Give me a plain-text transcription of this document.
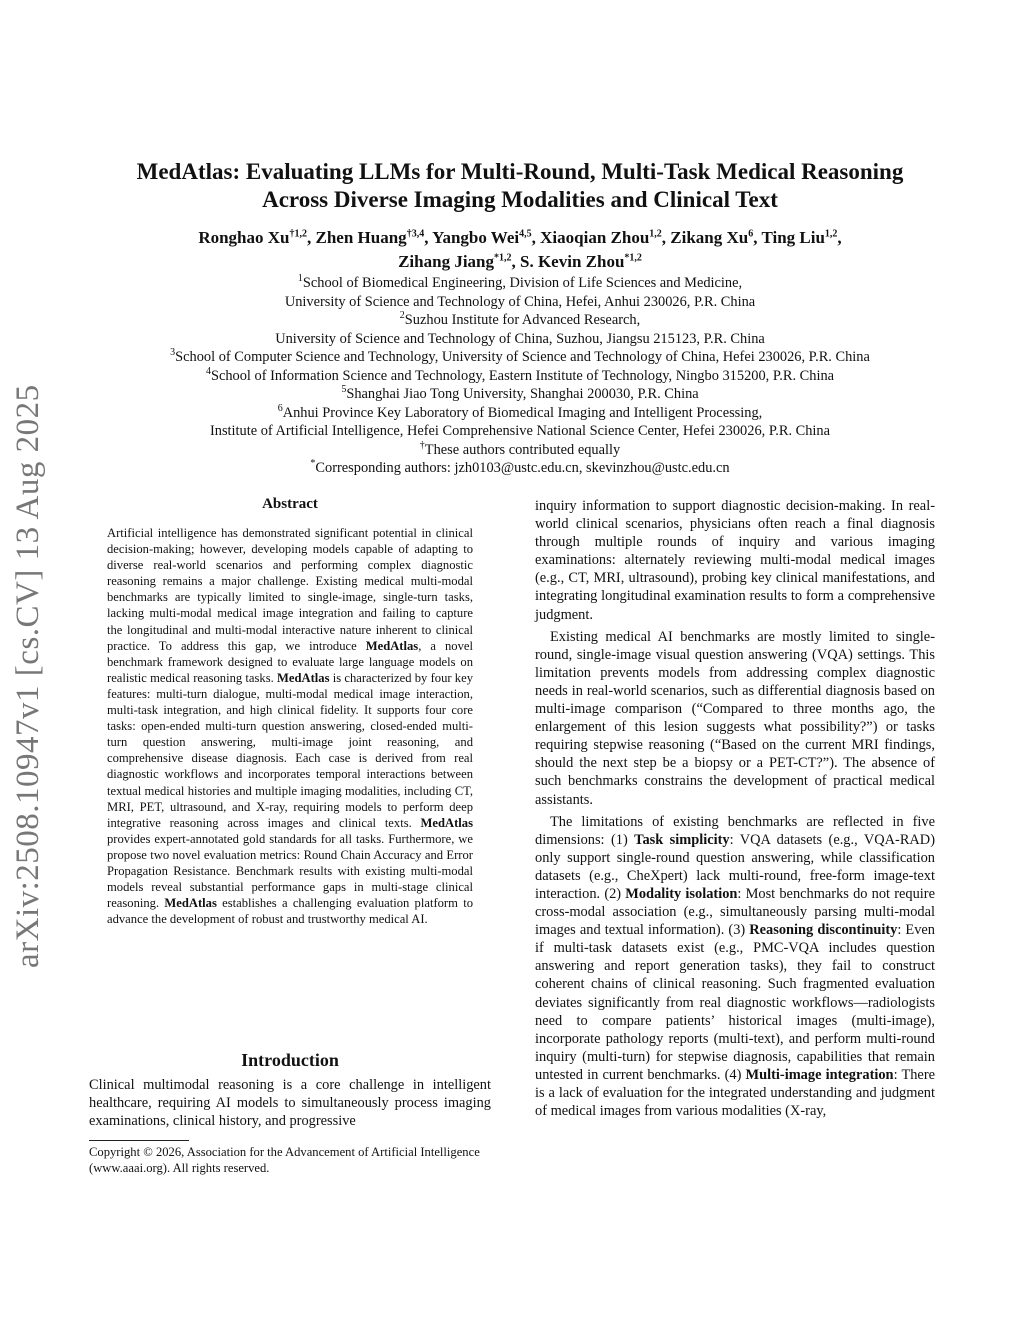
arXiv:2508.10947v1 [cs.CV] 13 Aug 2025
MedAtlas: Evaluating LLMs for Multi-Round, Multi-Task Medical Reasoning
Across Diverse Imaging Modalities and Clinical Text
Ronghao Xu$^{\dagger 1,2}$, Zhen Huang$^{\dagger 3,4}$, Yangbo Wei$^{4,5}$, Xiaoqian Zhou$^{1,2}$, Zikang Xu$^6$, Ting Liu$^{1,2}$,
Zihang Jiang$^{*1,2}$, S. Kevin Zhou$^{*1,2}$
$^1$School of Biomedical Engineering, Division of Life Sciences and Medicine,
University of Science and Technology of China, Hefei, Anhui 230026, P.R. China
$^2$Suzhou Institute for Advanced Research,
University of Science and Technology of China, Suzhou, Jiangsu 215123, P.R. China
$^3$School of Computer Science and Technology, University of Science and Technology of China, Hefei 230026, P.R. China
$^4$School of Information Science and Technology, Eastern Institute of Technology, Ningbo 315200, P.R. China
$^5$Shanghai Jiao Tong University, Shanghai 200030, P.R. China
$^6$Anhui Province Key Laboratory of Biomedical Imaging and Intelligent Processing,
Institute of Artificial Intelligence, Hefei Comprehensive National Science Center, Hefei 230026, P.R. China
†These authors contributed equally
*Corresponding authors: jzh0103@ustc.edu.cn, skevinzhou@ustc.edu.cn
Abstract
Artificial intelligence has demonstrated significant potential in clinical decision-making; however, developing models capable of adapting to diverse real-world scenarios and performing complex diagnostic reasoning remains a major challenge. Existing medical multi-modal benchmarks are typically limited to single-image, single-turn tasks, lacking multi-modal medical image integration and failing to capture the longitudinal and multi-modal interactive nature inherent to clinical practice. To address this gap, we introduce MedAtlas, a novel benchmark framework designed to evaluate large language models on realistic medical reasoning tasks. MedAtlas is characterized by four key features: multi-turn dialogue, multi-modal medical image interaction, multi-task integration, and high clinical fidelity. It supports four core tasks: open-ended multi-turn question answering, closed-ended multi-turn question answering, multi-image joint reasoning, and comprehensive disease diagnosis. Each case is derived from real diagnostic workflows and incorporates temporal interactions between textual medical histories and multiple imaging modalities, including CT, MRI, PET, ultrasound, and X-ray, requiring models to perform deep integrative reasoning across images and clinical texts. MedAtlas provides expert-annotated gold standards for all tasks. Furthermore, we propose two novel evaluation metrics: Round Chain Accuracy and Error Propagation Resistance. Benchmark results with existing multi-modal models reveal substantial performance gaps in multi-stage clinical reasoning. MedAtlas establishes a challenging evaluation platform to advance the development of robust and trustworthy medical AI.
Introduction

Clinical multimodal reasoning is a core challenge in intelligent healthcare, requiring AI models to simultaneously process imaging examinations, clinical history, and progressive

Copyright © 2026, Association for the Advancement of Artificial Intelligence (www.aaai.org). All rights reserved.

inquiry information to support diagnostic decision-making. In real-world clinical scenarios, physicians often reach a final diagnosis through multiple rounds of inquiry and various imaging examinations: alternately reviewing multi-modal medical images (e.g., CT, MRI, ultrasound), probing key clinical manifestations, and integrating longitudinal examination results to form a comprehensive judgment.

Existing medical AI benchmarks are mostly limited to single-round, single-image visual question answering (VQA) settings. This limitation prevents models from addressing complex diagnostic needs in real-world scenarios, such as differential diagnosis based on multi-image comparison (“Compared to three months ago, the enlargement of this lesion suggests what possibility?”) or tasks requiring stepwise reasoning (“Based on the current MRI findings, should the next step be a biopsy or a PET-CT?”). The absence of such benchmarks constrains the development of practical medical assistants.

The limitations of existing benchmarks are reflected in five dimensions: (1) Task simplicity: VQA datasets (e.g., VQA-RAD) only support single-round question answering, while classification datasets (e.g., CheXpert) lack multi-round, free-form image-text interaction. (2) Modality isolation: Most benchmarks do not require cross-modal association (e.g., simultaneously parsing multi-modal images and textual information). (3) Reasoning discontinuity: Even if multi-task datasets exist (e.g., PMC-VQA includes question answering and report generation tasks), they fail to construct coherent chains of clinical reasoning. Such fragmented evaluation deviates significantly from real diagnostic workflows—radiologists need to compare patients’ historical images (multi-image), incorporate pathology reports (multi-text), and perform multi-round inquiry (multi-turn) for stepwise diagnosis, capabilities that remain untested in current benchmarks. (4) Multi-image integration: There is a lack of evaluation for the integrated understanding and judgment of medical images from various modalities (X-ray,
